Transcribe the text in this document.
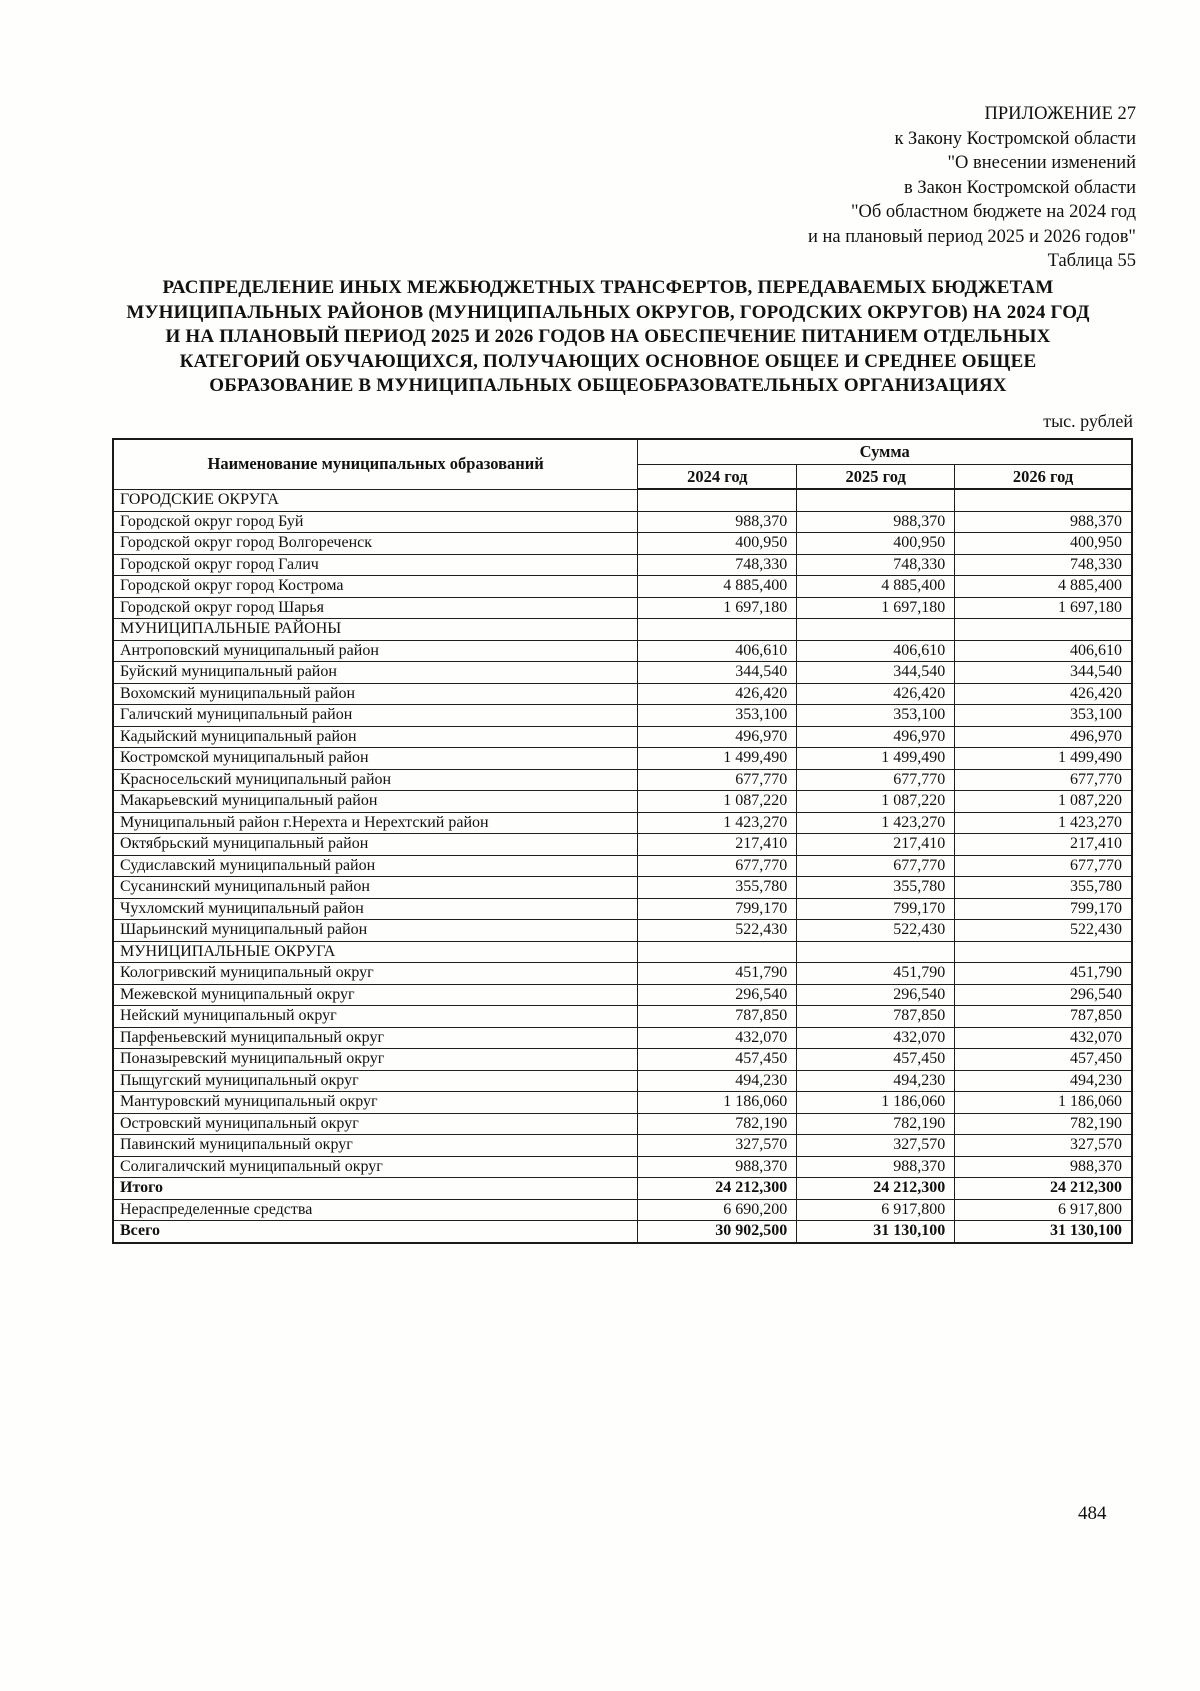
ПРИЛОЖЕНИЕ 27
к Закону Костромской области
"О внесении изменений
в Закон Костромской области
"Об областном бюджете на 2024 год
и на плановый период 2025 и 2026 годов"
Таблица 55
РАСПРЕДЕЛЕНИЕ ИНЫХ МЕЖБЮДЖЕТНЫХ ТРАНСФЕРТОВ, ПЕРЕДАВАЕМЫХ БЮДЖЕТАМ
МУНИЦИПАЛЬНЫХ РАЙОНОВ (МУНИЦИПАЛЬНЫХ ОКРУГОВ, ГОРОДСКИХ ОКРУГОВ) НА 2024 ГОД
И НА ПЛАНОВЫЙ ПЕРИОД 2025 И 2026 ГОДОВ НА ОБЕСПЕЧЕНИЕ ПИТАНИЕМ ОТДЕЛЬНЫХ
КАТЕГОРИЙ ОБУЧАЮЩИХСЯ, ПОЛУЧАЮЩИХ ОСНОВНОЕ ОБЩЕЕ И СРЕДНЕЕ ОБЩЕЕ
ОБРАЗОВАНИЕ В МУНИЦИПАЛЬНЫХ ОБЩЕОБРАЗОВАТЕЛЬНЫХ ОРГАНИЗАЦИЯХ
тыс. рублей
Наименование муниципальных образований	Сумма		
	2024 год	2025 год	2026 год
ГОРОДСКИЕ ОКРУГА			
Городской округ город Буй	988,370	988,370	988,370
Городской округ город Волгореченск	400,950	400,950	400,950
Городской округ город Галич	748,330	748,330	748,330
Городской округ город Кострома	4 885,400	4 885,400	4 885,400
Городской округ город Шарья	1 697,180	1 697,180	1 697,180
МУНИЦИПАЛЬНЫЕ РАЙОНЫ			
Антроповский муниципальный район	406,610	406,610	406,610
Буйский муниципальный район	344,540	344,540	344,540
Вохомский муниципальный район	426,420	426,420	426,420
Галичский муниципальный район	353,100	353,100	353,100
Кадыйский муниципальный район	496,970	496,970	496,970
Костромской муниципальный район	1 499,490	1 499,490	1 499,490
Красносельский муниципальный район	677,770	677,770	677,770
Макарьевский муниципальный район	1 087,220	1 087,220	1 087,220
Муниципальный район г.Нерехта и Нерехтский район	1 423,270	1 423,270	1 423,270
Октябрьский муниципальный район	217,410	217,410	217,410
Судиславский муниципальный район	677,770	677,770	677,770
Сусанинский муниципальный район	355,780	355,780	355,780
Чухломский муниципальный район	799,170	799,170	799,170
Шарьинский муниципальный район	522,430	522,430	522,430
МУНИЦИПАЛЬНЫЕ ОКРУГА			
Кологривский муниципальный округ	451,790	451,790	451,790
Межевской муниципальный округ	296,540	296,540	296,540
Нейский муниципальный округ	787,850	787,850	787,850
Парфеньевский муниципальный округ	432,070	432,070	432,070
Поназыревский муниципальный округ	457,450	457,450	457,450
Пыщугский муниципальный округ	494,230	494,230	494,230
Мантуровский муниципальный округ	1 186,060	1 186,060	1 186,060
Островский муниципальный округ	782,190	782,190	782,190
Павинский муниципальный округ	327,570	327,570	327,570
Солигаличский муниципальный округ	988,370	988,370	988,370
Итого	24 212,300	24 212,300	24 212,300
Нераспределенные средства	6 690,200	6 917,800	6 917,800
Всего	30 902,500	31 130,100	31 130,100
484
